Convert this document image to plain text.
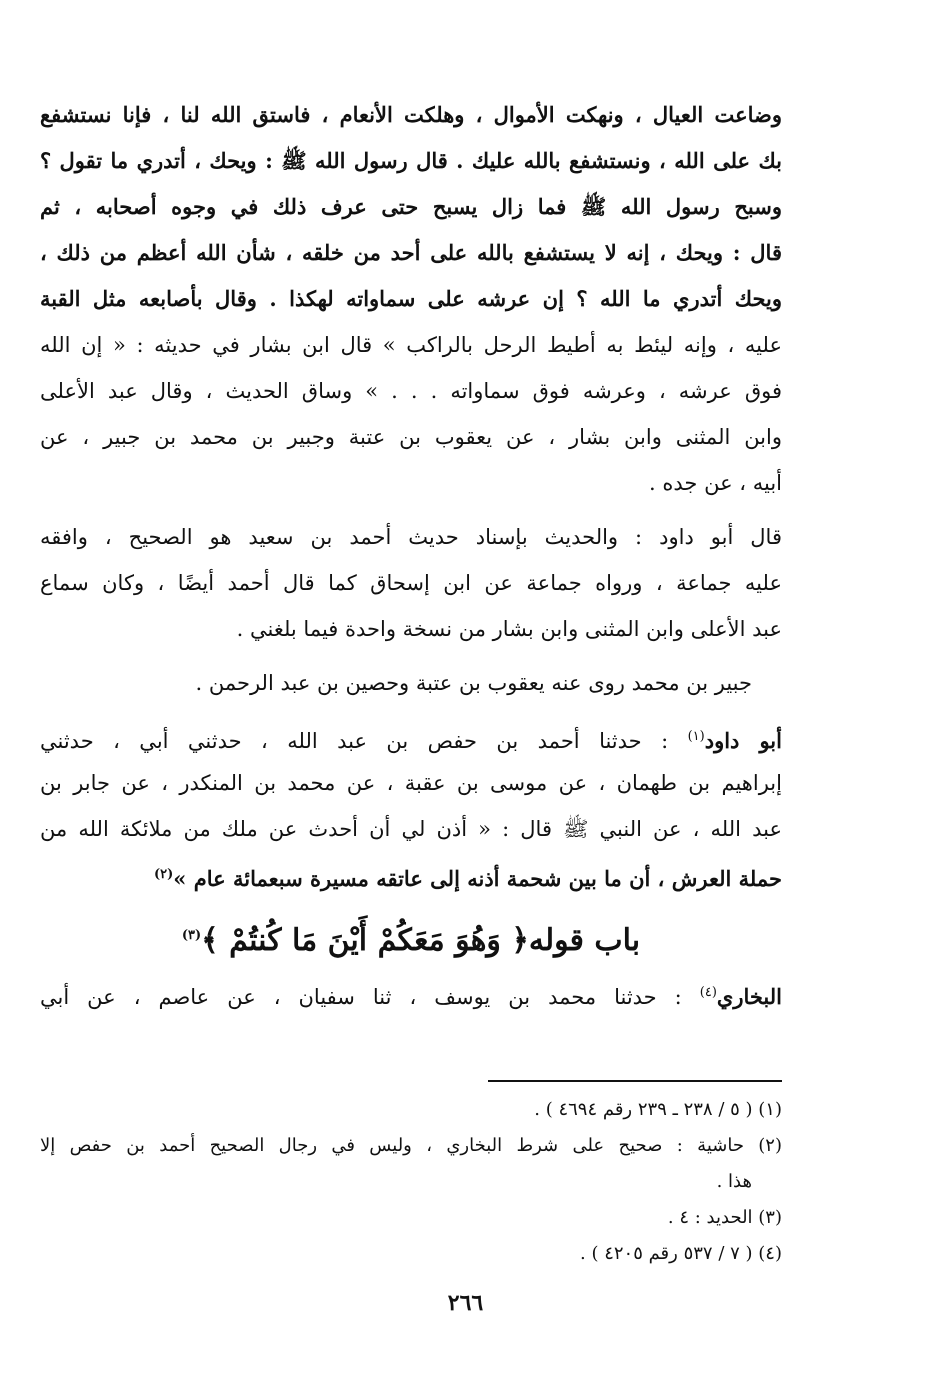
وضاعت العيال ، ونهكت الأموال ، وهلكت الأنعام ، فاستق الله لنا ، فإنا نستشفع
بك على الله ، ونستشفع بالله عليك . قال رسول الله ﷺ : ويحك ، أتدري ما تقول ؟
وسبح رسول الله ﷺ فما زال يسبح حتى عرف ذلك في وجوه أصحابه ، ثم
قال : ويحك ، إنه لا يستشفع بالله على أحد من خلقه ، شأن الله أعظم من ذلك ،
ويحك أتدري ما الله ؟ إن عرشه على سماواته لهكذا . وقال بأصابعه مثل القبة
عليه ، وإنه ليئط به أطيط الرحل بالراكب » قال ابن بشار في حديثه : « إن الله
فوق عرشه ، وعرشه فوق سماواته . . . » وساق الحديث ، وقال عبد الأعلى
وابن المثنى وابن بشار ، عن يعقوب بن عتبة وجبير بن محمد بن جبير ، عن
أبيه ، عن جده .
قال أبو داود : والحديث بإسناد حديث أحمد بن سعيد هو الصحيح ، وافقه
عليه جماعة ، ورواه جماعة عن ابن إسحاق كما قال أحمد أيضًا ، وكان سماع
عبد الأعلى وابن المثنى وابن بشار من نسخة واحدة فيما بلغني .
جبير بن محمد روى عنه يعقوب بن عتبة وحصين بن عبد الرحمن .
أبو داود$^{(١)}$ : حدثنا أحمد بن حفص بن عبد الله ، حدثني أبي ، حدثني
إبراهيم بن طهمان ، عن موسى بن عقبة ، عن محمد بن المنكدر ، عن جابر بن
عبد الله ، عن النبي ﷺ قال : « أذن لي أن أحدث عن ملك من ملائكة الله من
حملة العرش ، أن ما بين شحمة أذنه إلى عاتقه مسيرة سبعمائة عام »$^{(٢)}$
باب قوله﴿ وَهُوَ مَعَكُمْ أَيْنَ مَا كُنتُمْ ﴾$^{(٣)}$
البخاري$^{(٤)}$ : حدثنا محمد بن يوسف ، ثنا سفيان ، عن عاصم ، عن أبي
(١) ( ٥ / ٢٣٨ ـ ٢٣٩ رقم ٤٦٩٤ ) .
(٢) حاشية : صحيح على شرط البخاري ، وليس في رجال الصحيح أحمد بن حفص إلا
هذا .
(٣) الحديد : ٤ .
(٤) ( ٧ / ٥٣٧ رقم ٤٢٠٥ ) .
٢٦٦
